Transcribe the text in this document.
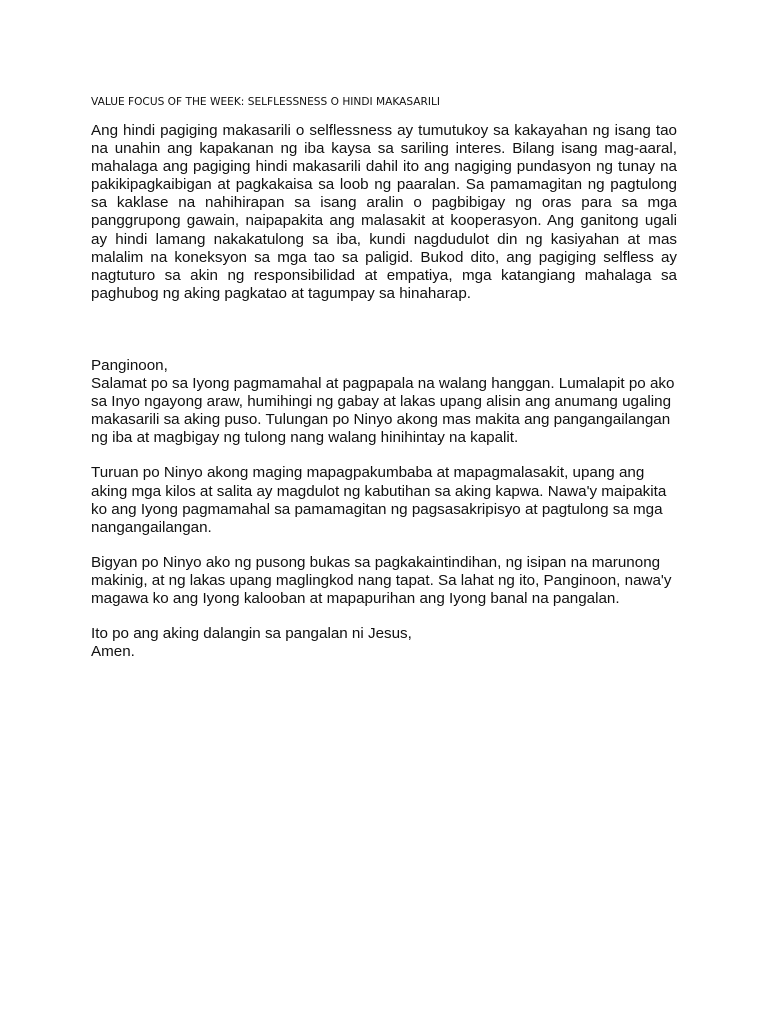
VALUE FOCUS OF THE WEEK: SELFLESSNESS O HINDI MAKASARILI

Ang hindi pagiging makasarili o selflessness ay tumutukoy sa kakayahan ng isang tao na unahin ang kapakanan ng iba kaysa sa sariling interes. Bilang isang mag-aaral, mahalaga ang pagiging hindi makasarili dahil ito ang nagiging pundasyon ng tunay na pakikipagkaibigan at pagkakaisa sa loob ng paaralan. Sa pamamagitan ng pagtulong sa kaklase na nahihirapan sa isang aralin o pagbibigay ng oras para sa mga panggrupong gawain, naipapakita ang malasakit at kooperasyon. Ang ganitong ugali ay hindi lamang nakakatulong sa iba, kundi nagdudulot din ng kasiyahan at mas malalim na koneksyon sa mga tao sa paligid. Bukod dito, ang pagiging selfless ay nagtuturo sa akin ng responsibilidad at empatiya, mga katangiang mahalaga sa paghubog ng aking pagkatao at tagumpay sa hinaharap.

Panginoon,
Salamat po sa Iyong pagmamahal at pagpapala na walang hanggan. Lumalapit po ako
sa Inyo ngayong araw, humihingi ng gabay at lakas upang alisin ang anumang ugaling
makasarili sa aking puso. Tulungan po Ninyo akong mas makita ang pangangailangan
ng iba at magbigay ng tulong nang walang hinihintay na kapalit.

Turuan po Ninyo akong maging mapagpakumbaba at mapagmalasakit, upang ang
aking mga kilos at salita ay magdulot ng kabutihan sa aking kapwa. Nawa'y maipakita
ko ang Iyong pagmamahal sa pamamagitan ng pagsasakripisyo at pagtulong sa mga
nangangailangan.

Bigyan po Ninyo ako ng pusong bukas sa pagkakaintindihan, ng isipan na marunong
makinig, at ng lakas upang maglingkod nang tapat. Sa lahat ng ito, Panginoon, nawa'y
magawa ko ang Iyong kalooban at mapapurihan ang Iyong banal na pangalan.

Ito po ang aking dalangin sa pangalan ni Jesus,
Amen.
